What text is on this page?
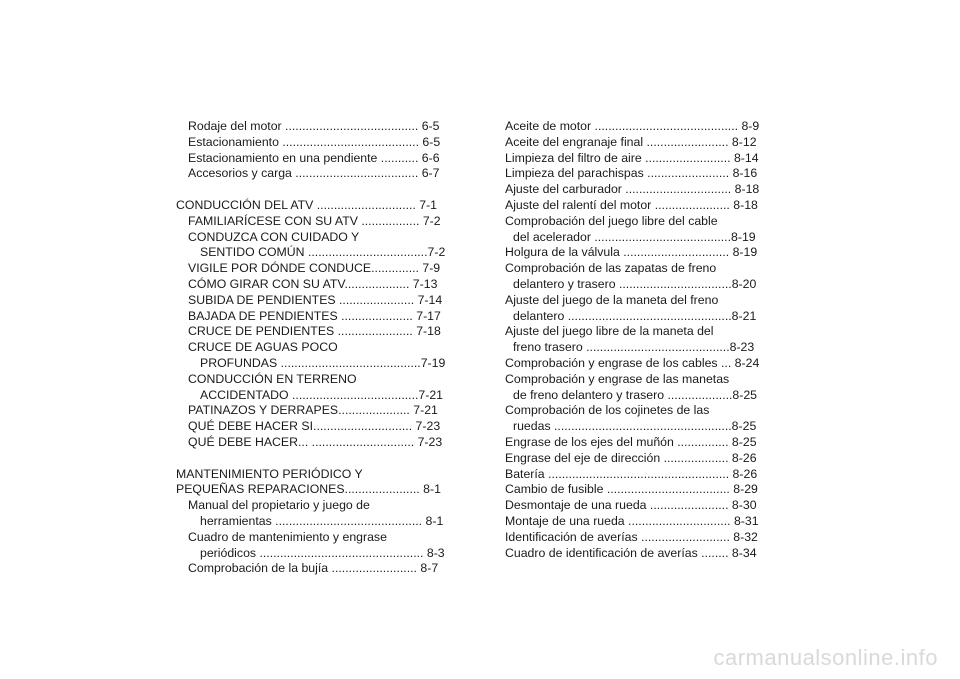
Rodaje del motor ....................................... 6-5
Estacionamiento ........................................ 6-5
Estacionamiento en una pendiente ........... 6-6
Accesorios y carga .................................... 6-7
CONDUCCIÓN DEL ATV ............................. 7-1
FAMILIARÍCESE CON SU ATV ................. 7-2
CONDUZCA CON CUIDADO Y
SENTIDO COMÚN ...................................7-2
VIGILE POR DÓNDE CONDUCE.............. 7-9
CÓMO GIRAR CON SU ATV................... 7-13
SUBIDA DE PENDIENTES ...................... 7-14
BAJADA DE PENDIENTES ..................... 7-17
CRUCE DE PENDIENTES ...................... 7-18
CRUCE DE AGUAS POCO
PROFUNDAS .........................................7-19
CONDUCCIÓN EN TERRENO
ACCIDENTADO .....................................7-21
PATINAZOS Y DERRAPES..................... 7-21
QUÉ DEBE HACER SI............................. 7-23
QUÉ DEBE HACER... .............................. 7-23
MANTENIMIENTO PERIÓDICO Y
PEQUEÑAS REPARACIONES...................... 8-1
Manual del propietario y juego de
herramientas ........................................... 8-1
Cuadro de mantenimiento y engrase
periódicos ................................................ 8-3
Comprobación de la bujía ......................... 8-7
Aceite de motor .......................................... 8-9
Aceite del engranaje final ........................ 8-12
Limpieza del filtro de aire ......................... 8-14
Limpieza del parachispas ........................ 8-16
Ajuste del carburador ............................... 8-18
Ajuste del ralentí del motor ...................... 8-18
Comprobación del juego libre del cable
del acelerador ........................................8-19
Holgura de la válvula ............................... 8-19
Comprobación de las zapatas de freno
delantero y trasero .................................8-20
Ajuste del juego de la maneta del freno
delantero ................................................8-21
Ajuste del juego libre de la maneta del
freno trasero ..........................................8-23
Comprobación y engrase de los cables ... 8-24
Comprobación y engrase de las manetas
de freno delantero y trasero ...................8-25
Comprobación de los cojinetes de las
ruedas ....................................................8-25
Engrase de los ejes del muñón ............... 8-25
Engrase del eje de dirección ................... 8-26
Batería ..................................................... 8-26
Cambio de fusible .................................... 8-29
Desmontaje de una rueda ....................... 8-30
Montaje de una rueda .............................. 8-31
Identificación de averías .......................... 8-32
Cuadro de identificación de averías ........ 8-34
carmanualsonline.info
